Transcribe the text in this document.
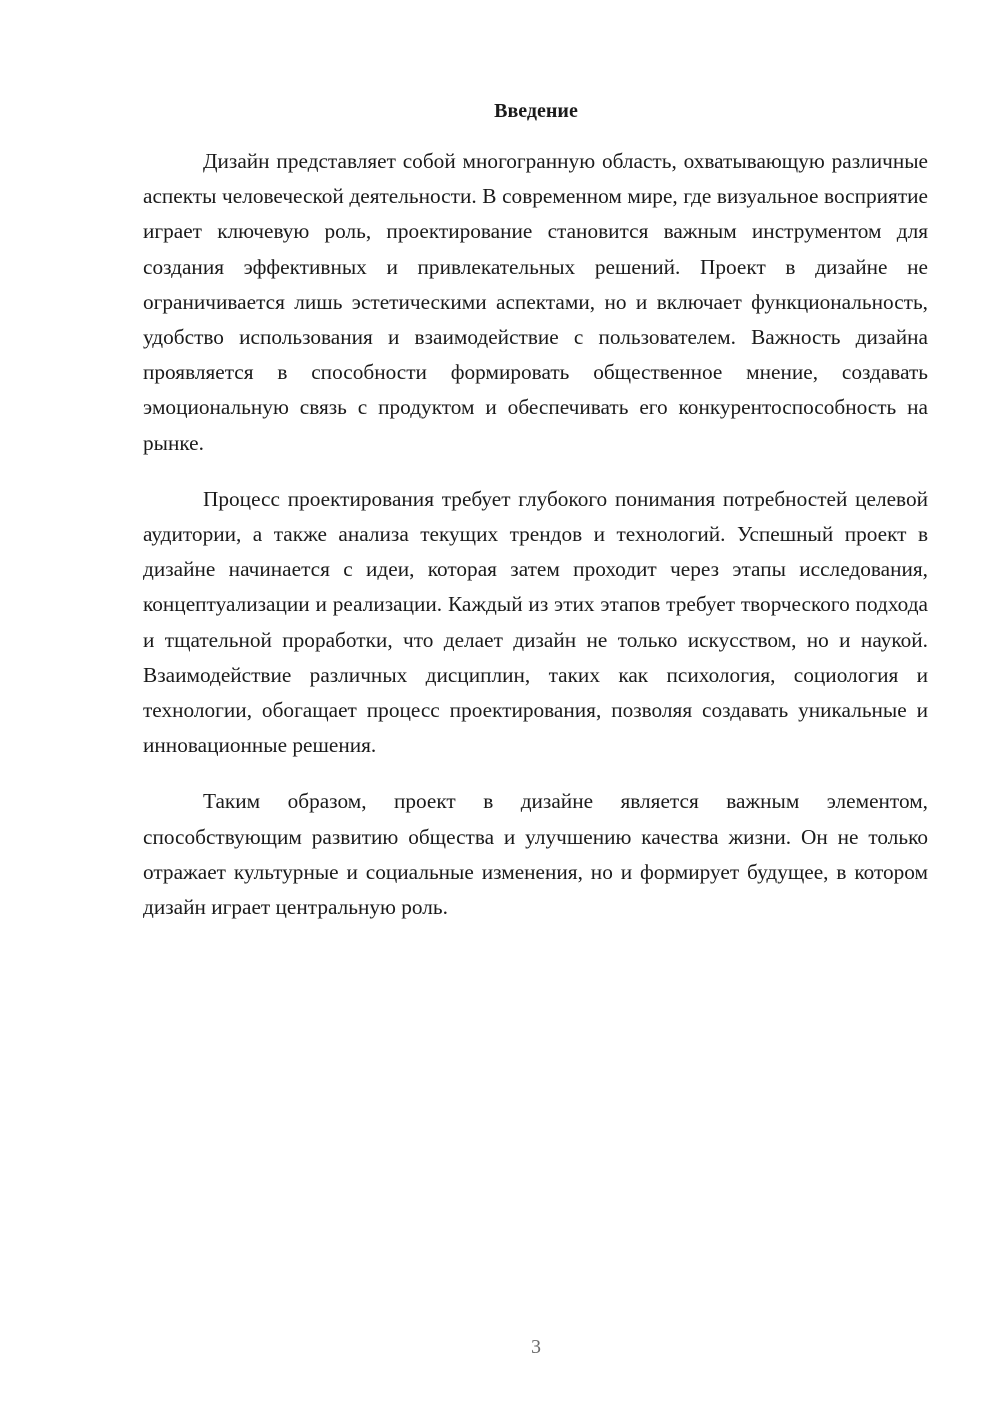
Введение

Дизайн представляет собой многогранную область, охватывающую различные аспекты человеческой деятельности. В современном мире, где визуальное восприятие играет ключевую роль, проектирование становится важным инструментом для создания эффективных и привлекательных решений. Проект в дизайне не ограничивается лишь эстетическими аспектами, но и включает функциональность, удобство использования и взаимодействие с пользователем. Важность дизайна проявляется в способности формировать общественное мнение, создавать эмоциональную связь с продуктом и обеспечивать его конкурентоспособность на рынке.

Процесс проектирования требует глубокого понимания потребностей целевой аудитории, а также анализа текущих трендов и технологий. Успешный проект в дизайне начинается с идеи, которая затем проходит через этапы исследования, концептуализации и реализации. Каждый из этих этапов требует творческого подхода и тщательной проработки, что делает дизайн не только искусством, но и наукой. Взаимодействие различных дисциплин, таких как психология, социология и технологии, обогащает процесс проектирования, позволяя создавать уникальные и инновационные решения.

Таким образом, проект в дизайне является важным элементом, способствующим развитию общества и улучшению качества жизни. Он не только отражает культурные и социальные изменения, но и формирует будущее, в котором дизайн играет центральную роль.

3
